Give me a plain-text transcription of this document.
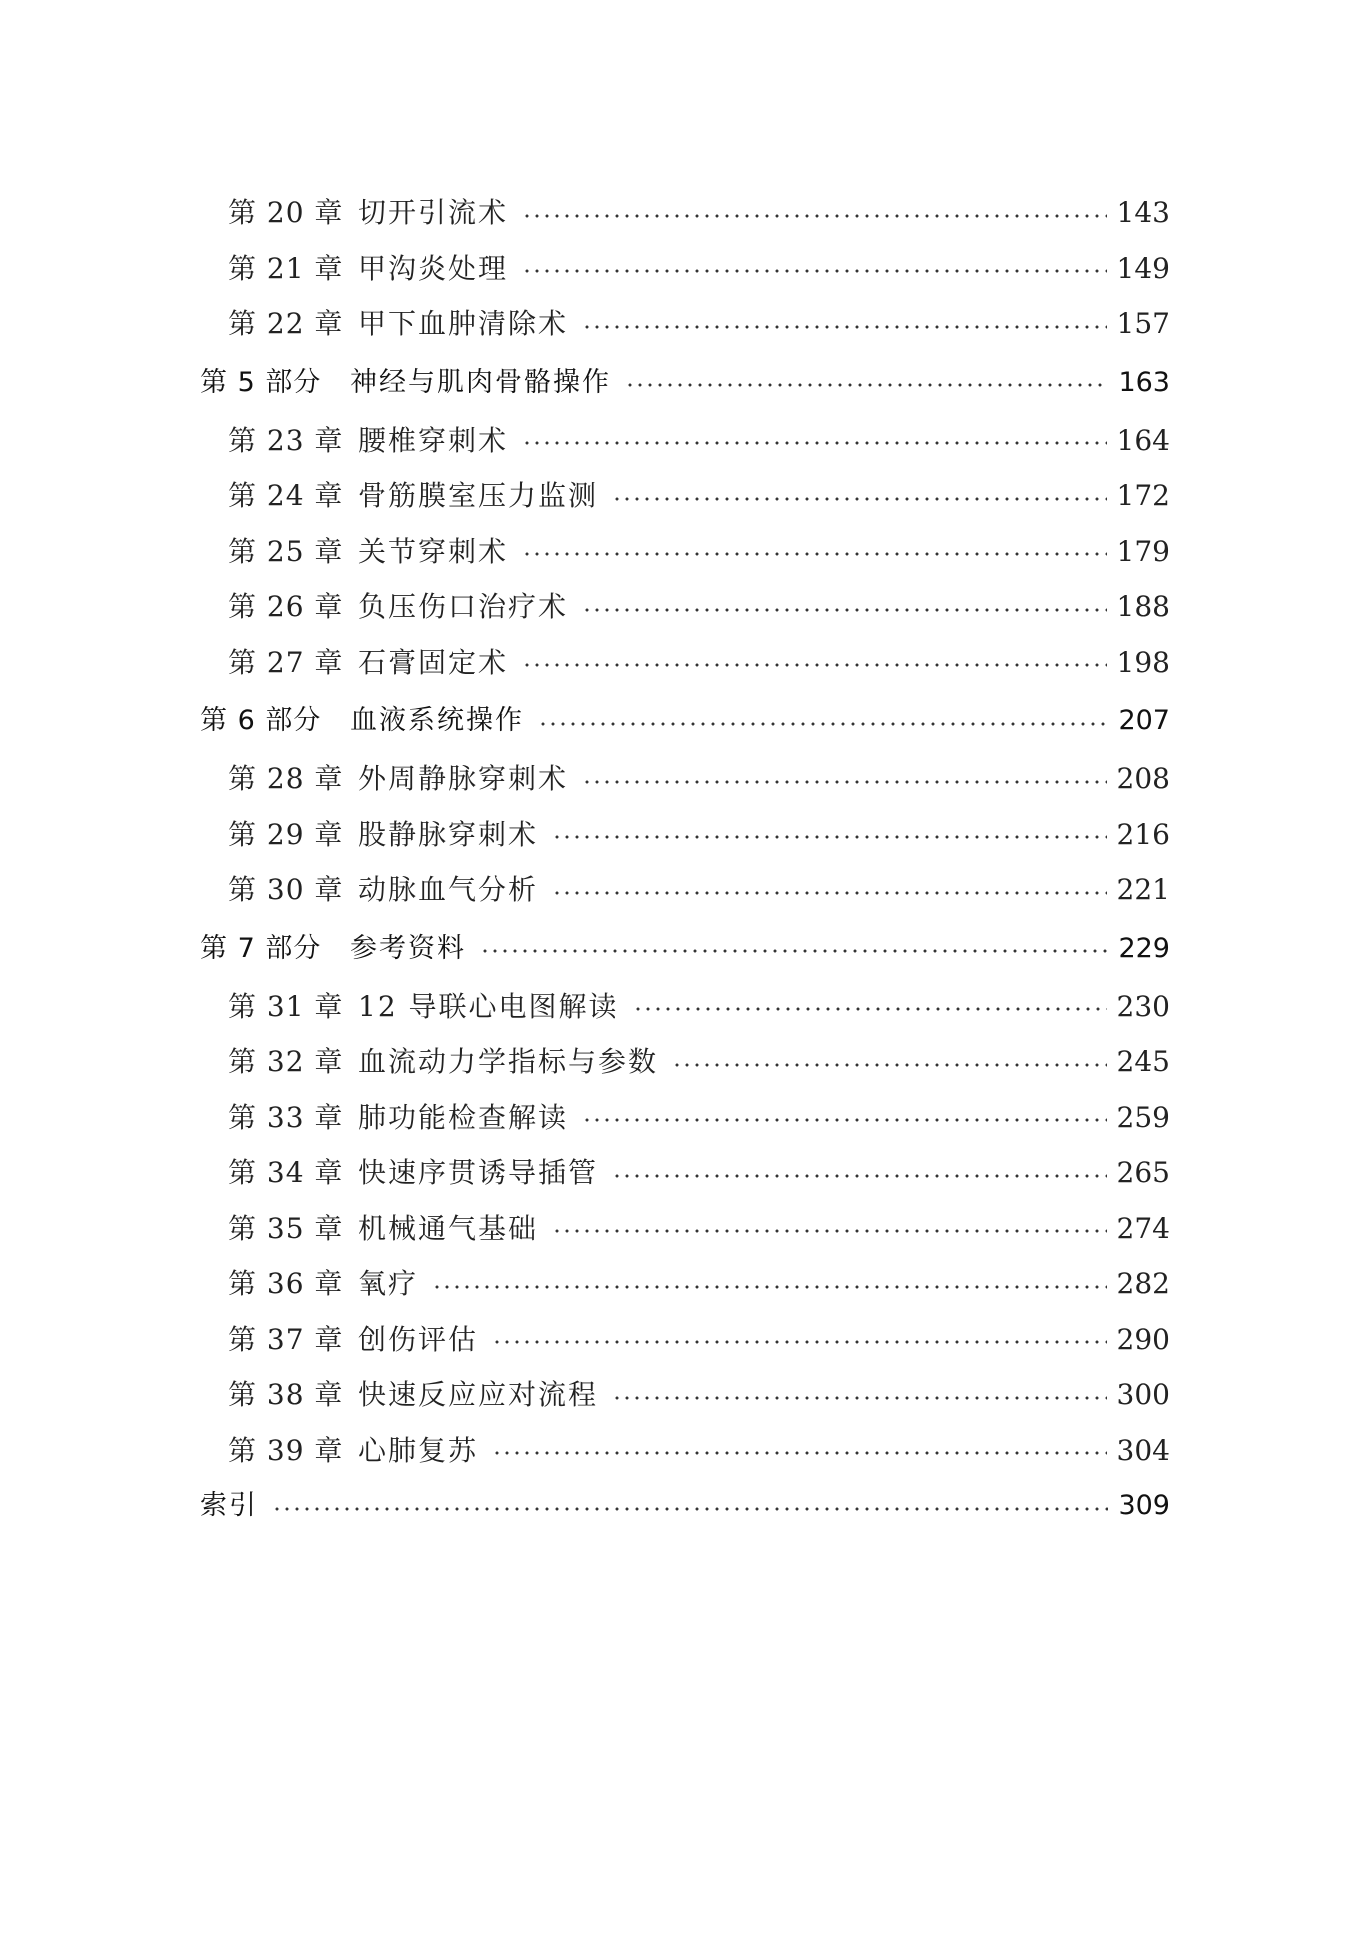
第 20 章 切开引流术	143
第 21 章 甲沟炎处理	149
第 22 章 甲下血肿清除术	157
第 5 部分	神经与肌肉骨骼操作	163
第 23 章 腰椎穿刺术	164
第 24 章 骨筋膜室压力监测	172
第 25 章 关节穿刺术	179
第 26 章 负压伤口治疗术	188
第 27 章 石膏固定术	198
第 6 部分	血液系统操作	207
第 28 章 外周静脉穿刺术	208
第 29 章 股静脉穿刺术	216
第 30 章 动脉血气分析	221
第 7 部分	参考资料	229
第 31 章 12 导联心电图解读	230
第 32 章 血流动力学指标与参数	245
第 33 章 肺功能检查解读	259
第 34 章 快速序贯诱导插管	265
第 35 章 机械通气基础	274
第 36 章 氧疗	282
第 37 章 创伤评估	290
第 38 章 快速反应应对流程	300
第 39 章 心肺复苏	304
索引	309
